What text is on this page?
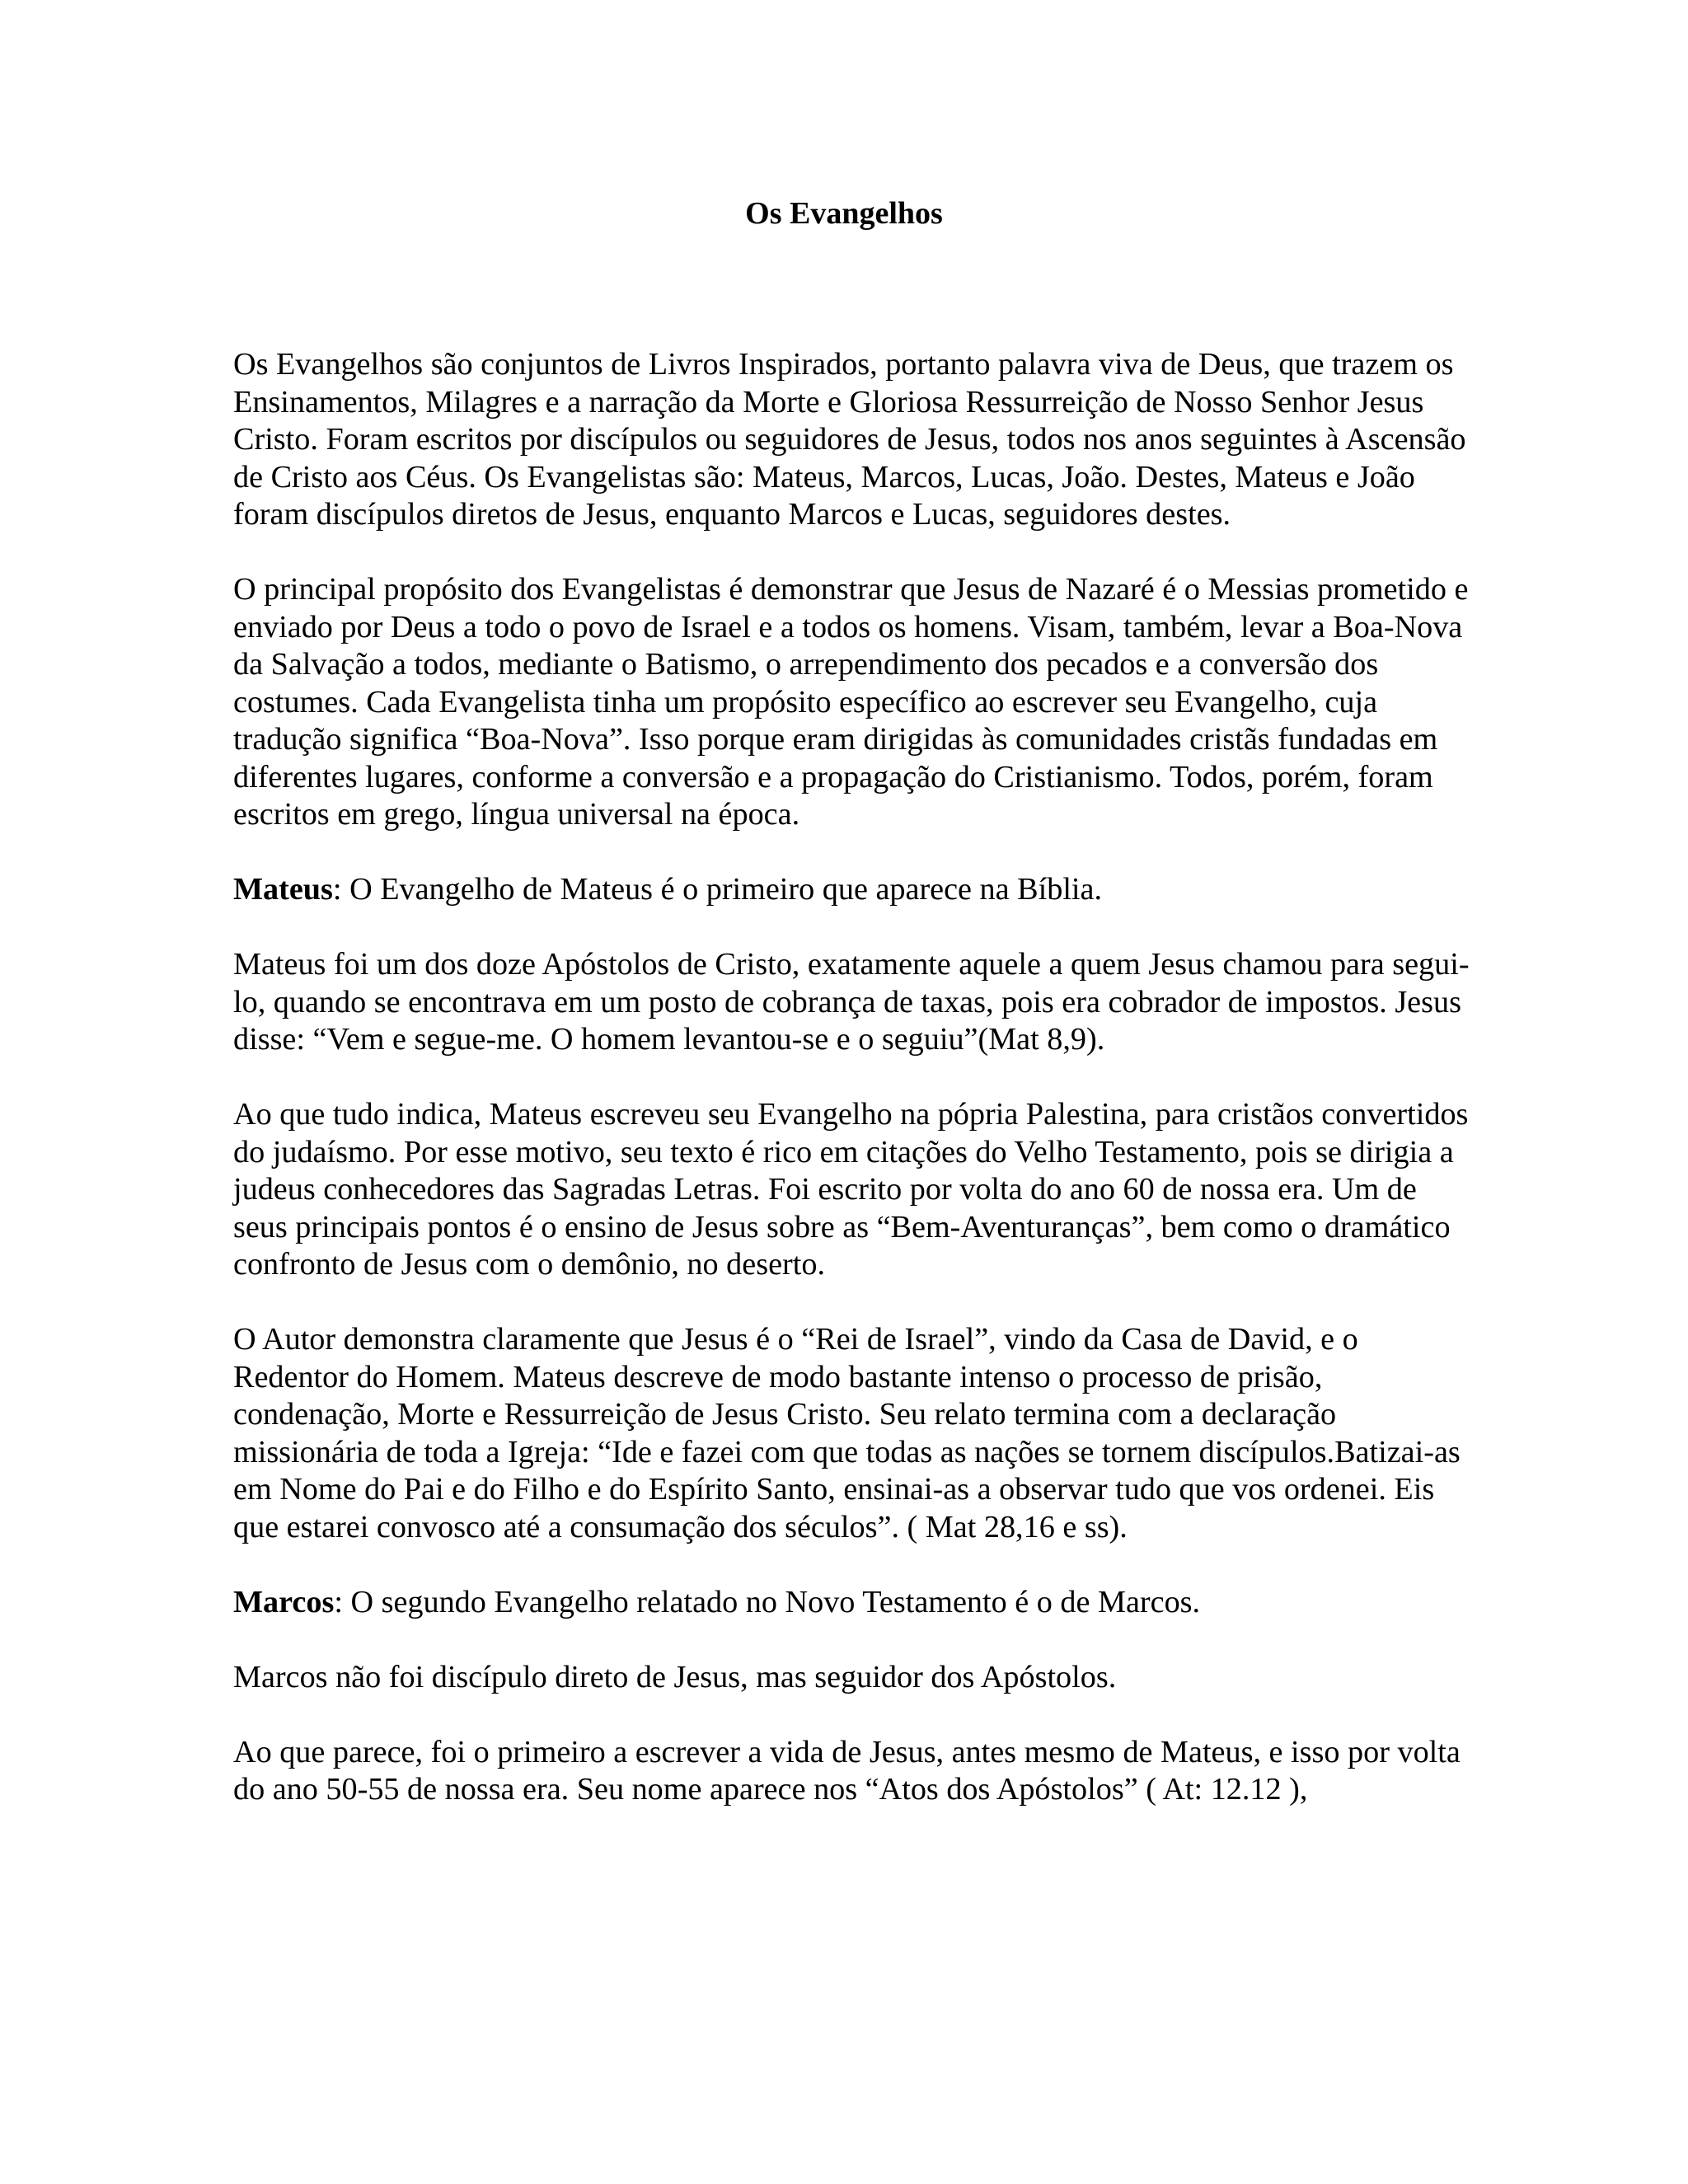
Os Evangelhos

Os Evangelhos são conjuntos de Livros Inspirados, portanto palavra viva de Deus, que trazem os Ensinamentos, Milagres e a narração da Morte e Gloriosa Ressurreição de Nosso Senhor Jesus Cristo. Foram escritos por discípulos ou seguidores de Jesus, todos nos anos seguintes à Ascensão de Cristo aos Céus. Os Evangelistas são: Mateus, Marcos, Lucas, João. Destes, Mateus e João foram discípulos diretos de Jesus, enquanto Marcos e Lucas, seguidores destes.

O principal propósito dos Evangelistas é demonstrar que Jesus de Nazaré é o Messias prometido e enviado por Deus a todo o povo de Israel e a todos os homens. Visam, também, levar a Boa-Nova da Salvação a todos, mediante o Batismo, o arrependimento dos pecados e a conversão dos costumes. Cada Evangelista tinha um propósito específico ao escrever seu Evangelho, cuja tradução significa “Boa-Nova”. Isso porque eram dirigidas às comunidades cristãs fundadas em diferentes lugares, conforme a conversão e a propagação do Cristianismo. Todos, porém, foram escritos em grego, língua universal na época.

Mateus: O Evangelho de Mateus é o primeiro que aparece na Bíblia.

Mateus foi um dos doze Apóstolos de Cristo, exatamente aquele a quem Jesus chamou para segui-lo, quando se encontrava em um posto de cobrança de taxas, pois era cobrador de impostos. Jesus disse: “Vem e segue-me. O homem levantou-se e o seguiu”(Mat 8,9).

Ao que tudo indica, Mateus escreveu seu Evangelho na pópria Palestina, para cristãos convertidos do judaísmo. Por esse motivo, seu texto é rico em citações do Velho Testamento, pois se dirigia a judeus conhecedores das Sagradas Letras. Foi escrito por volta do ano 60 de nossa era. Um de seus principais pontos é o ensino de Jesus sobre as “Bem-Aventuranças”, bem como o dramático confronto de Jesus com o demônio, no deserto.

O Autor demonstra claramente que Jesus é o “Rei de Israel”, vindo da Casa de David, e o Redentor do Homem. Mateus descreve de modo bastante intenso o processo de prisão, condenação, Morte e Ressurreição de Jesus Cristo. Seu relato termina com a declaração missionária de toda a Igreja: “Ide e fazei com que todas as nações se tornem discípulos.Batizai-as em Nome do Pai e do Filho e do Espírito Santo, ensinai-as a observar tudo que vos ordenei. Eis que estarei convosco até a consumação dos séculos”. ( Mat 28,16 e ss).

Marcos: O segundo Evangelho relatado no Novo Testamento é o de Marcos.

Marcos não foi discípulo direto de Jesus, mas seguidor dos Apóstolos.

Ao que parece, foi o primeiro a escrever a vida de Jesus, antes mesmo de Mateus, e isso por volta do ano 50-55 de nossa era. Seu nome aparece nos “Atos dos Apóstolos” ( At: 12.12 ),
